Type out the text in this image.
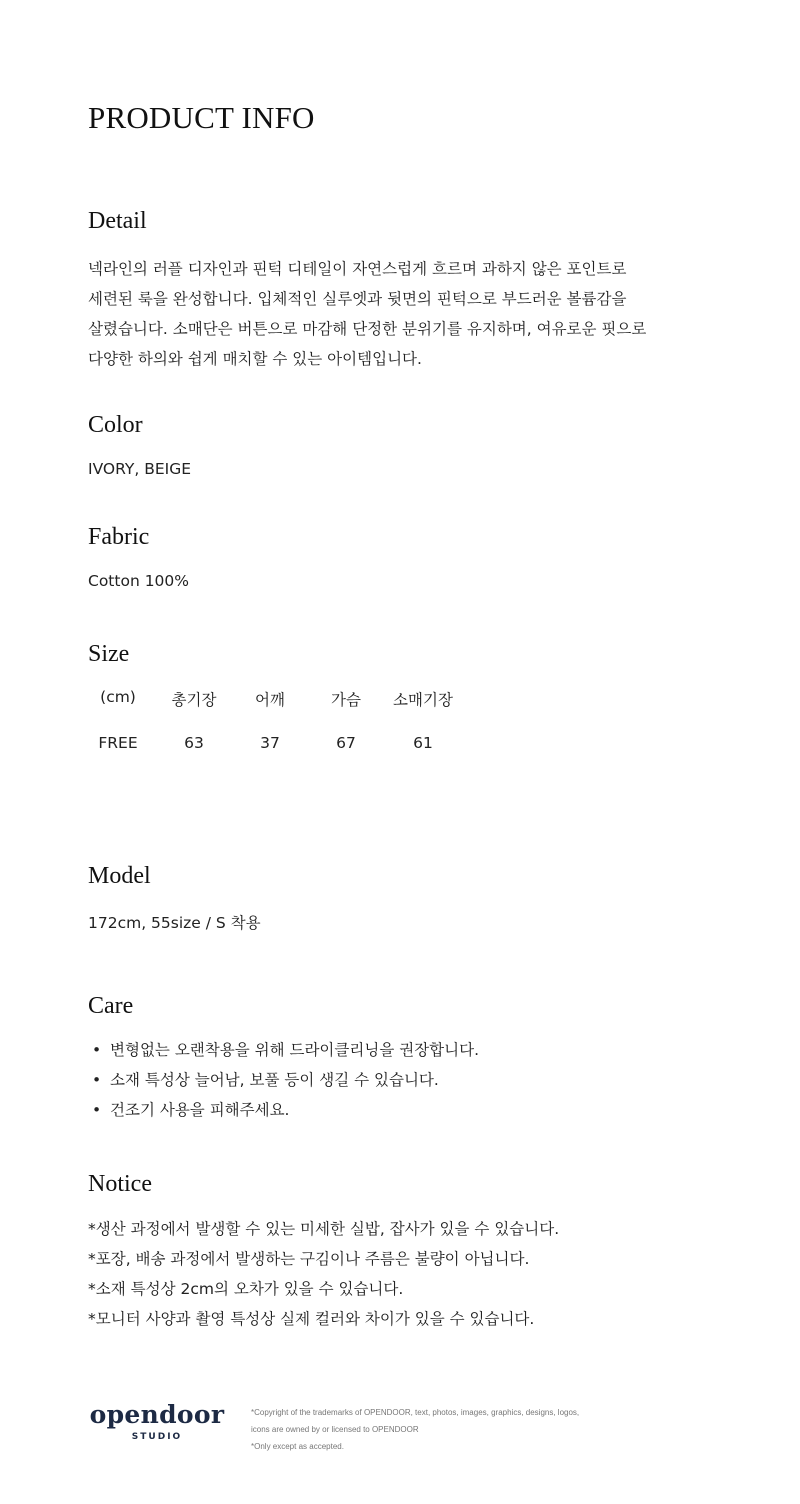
PRODUCT INFO
Detail
넥라인의 러플 디자인과 핀턱 디테일이 자연스럽게 흐르며 과하지 않은 포인트로
세련된 룩을 완성합니다. 입체적인 실루엣과 뒷면의 핀턱으로 부드러운 볼륨감을
살렸습니다. 소매단은 버튼으로 마감해 단정한 분위기를 유지하며, 여유로운 핏으로
다양한 하의와 쉽게 매치할 수 있는 아이템입니다.
Color
IVORY, BEIGE
Fabric
Cotton 100%
Size
(cm)	총기장	어깨	가슴	소매기장
FREE	63	37	67	61
Model
172cm, 55size / S 착용
Care
• 변형없는 오랜착용을 위해 드라이클리닝을 권장합니다.
• 소재 특성상 늘어남, 보풀 등이 생길 수 있습니다.
• 건조기 사용을 피해주세요.
Notice
*생산 과정에서 발생할 수 있는 미세한 실밥, 잡사가 있을 수 있습니다.
*포장, 배송 과정에서 발생하는 구김이나 주름은 불량이 아닙니다.
*소재 특성상 2cm의 오차가 있을 수 있습니다.
*모니터 사양과 촬영 특성상 실제 컬러와 차이가 있을 수 있습니다.
opendoor
STUDIO
*Copyright of the trademarks of OPENDOOR, text, photos, images, graphics, designs, logos,
icons are owned by or licensed to OPENDOOR
*Only except as accepted.
